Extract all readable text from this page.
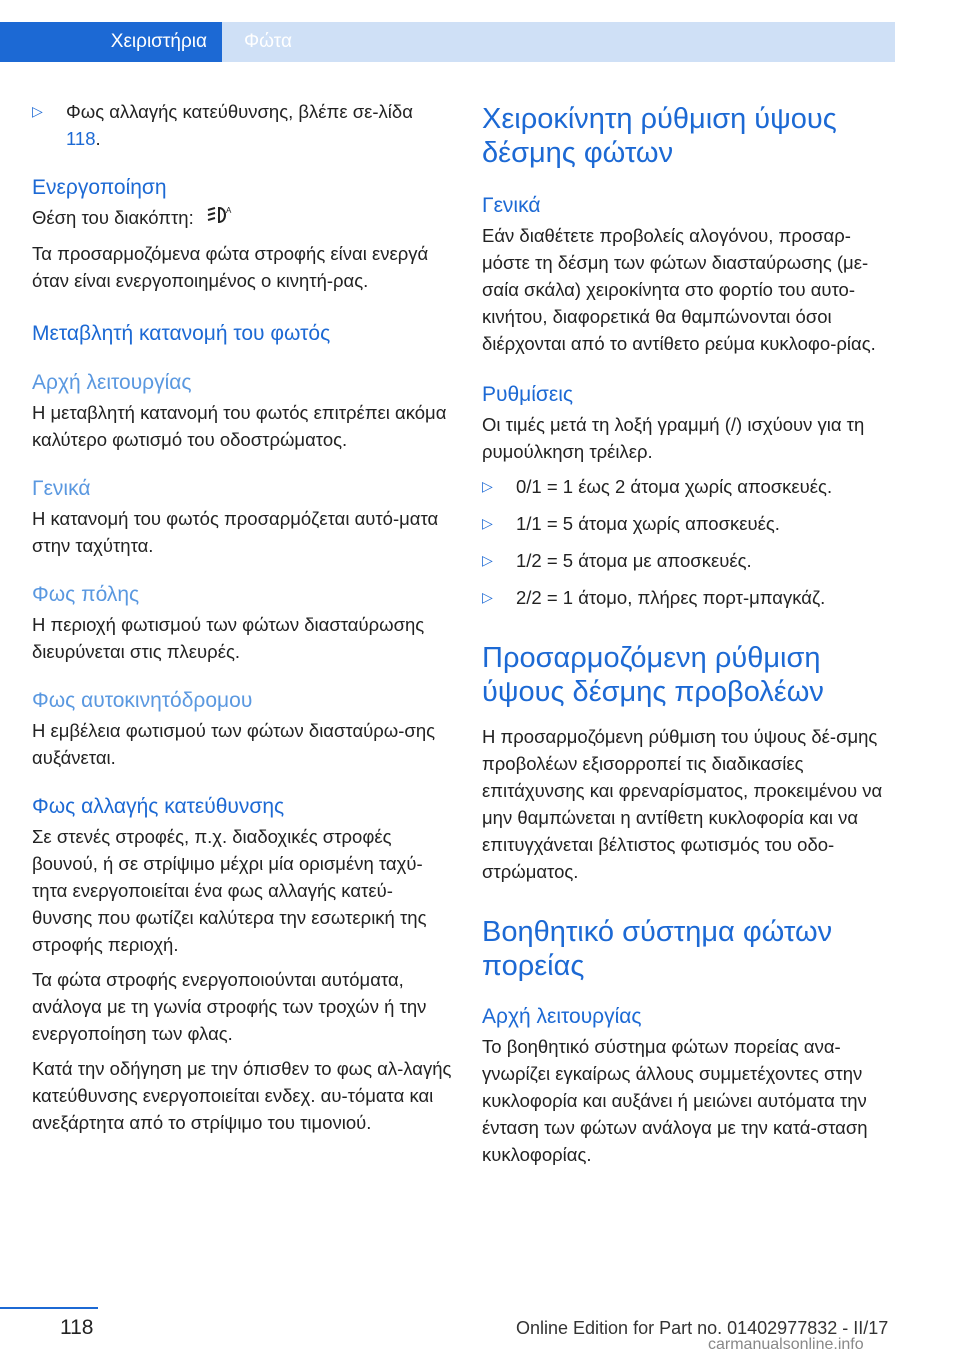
Χειριστήρια	Φώτα
▷	Φως αλλαγής κατεύθυνσης, βλέπε σε‐λίδα 118.
Ενεργοποίηση

Θέση του διακόπτη:	A

Τα προσαρμοζόμενα φώτα στροφής είναι ενεργά όταν είναι ενεργοποιημένος ο κινητή‐ρας.

Μεταβλητή κατανομή του φωτός
Αρχή λειτουργίας

Η μεταβλητή κατανομή του φωτός επιτρέπει ακόμα καλύτερο φωτισμό του οδοστρώματος.

Γενικά

Η κατανομή του φωτός προσαρμόζεται αυτό‐ματα στην ταχύτητα.

Φως πόλης

Η περιοχή φωτισμού των φώτων διασταύρωσης διευρύνεται στις πλευρές.

Φως αυτοκινητόδρομου

Η εμβέλεια φωτισμού των φώτων διασταύρω‐σης αυξάνεται.

Φως αλλαγής κατεύθυνσης

Σε στενές στροφές, π.χ. διαδοχικές στροφές βουνού, ή σε στρίψιμο μέχρι μία ορισμένη ταχύ‐τητα ενεργοποιείται ένα φως αλλαγής κατεύ‐θυνσης που φωτίζει καλύτερα την εσωτερική της στροφής περιοχή.

Τα φώτα στροφής ενεργοποιούνται αυτόματα, ανάλογα με τη γωνία στροφής των τροχών ή την ενεργοποίηση των φλας.

Κατά την οδήγηση με την όπισθεν το φως αλ‐λαγής κατεύθυνσης ενεργοποιείται ενδεχ. αυ‐τόματα και ανεξάρτητα από το στρίψιμο του τιμονιού.

Χειροκίνητη ρύθμιση ύψους δέσμης φώτων
Γενικά

Εάν διαθέτετε προβολείς αλογόνου, προσαρ‐μόστε τη δέσμη των φώτων διασταύρωσης (με‐σαία σκάλα) χειροκίνητα στο φορτίο του αυτο‐κινήτου, διαφορετικά θα θαμπώνονται όσοι διέρχονται από το αντίθετο ρεύμα κυκλοφο‐ρίας.

Ρυθμίσεις

Οι τιμές μετά τη λοξή γραμμή (/) ισχύουν για τη ρυμούλκηση τρέιλερ.

▷	0/1 = 1 έως 2 άτομα χωρίς αποσκευές.
▷	1/1 = 5 άτομα χωρίς αποσκευές.
▷	1/2 = 5 άτομα με αποσκευές.
▷	2/2 = 1 άτομο, πλήρες πορτ-μπαγκάζ.
Προσαρμοζόμενη ρύθμιση ύψους δέσμης προβολέων

Η προσαρμοζόμενη ρύθμιση του ύψους δέ‐σμης προβολέων εξισορροπεί τις διαδικασίες επιτάχυνσης και φρεναρίσματος, προκειμένου να μην θαμπώνεται η αντίθετη κυκλοφορία και να επιτυγχάνεται βέλτιστος φωτισμός του οδο‐στρώματος.

Βοηθητικό σύστημα φώτων πορείας
Αρχή λειτουργίας

Το βοηθητικό σύστημα φώτων πορείας ανα‐γνωρίζει εγκαίρως άλλους συμμετέχοντες στην κυκλοφορία και αυξάνει ή μειώνει αυτόματα την ένταση των φώτων ανάλογα με την κατά‐σταση κυκλοφορίας.

118	Online Edition for Part no. 01402977832 - II/17
carmanualsonline.info
